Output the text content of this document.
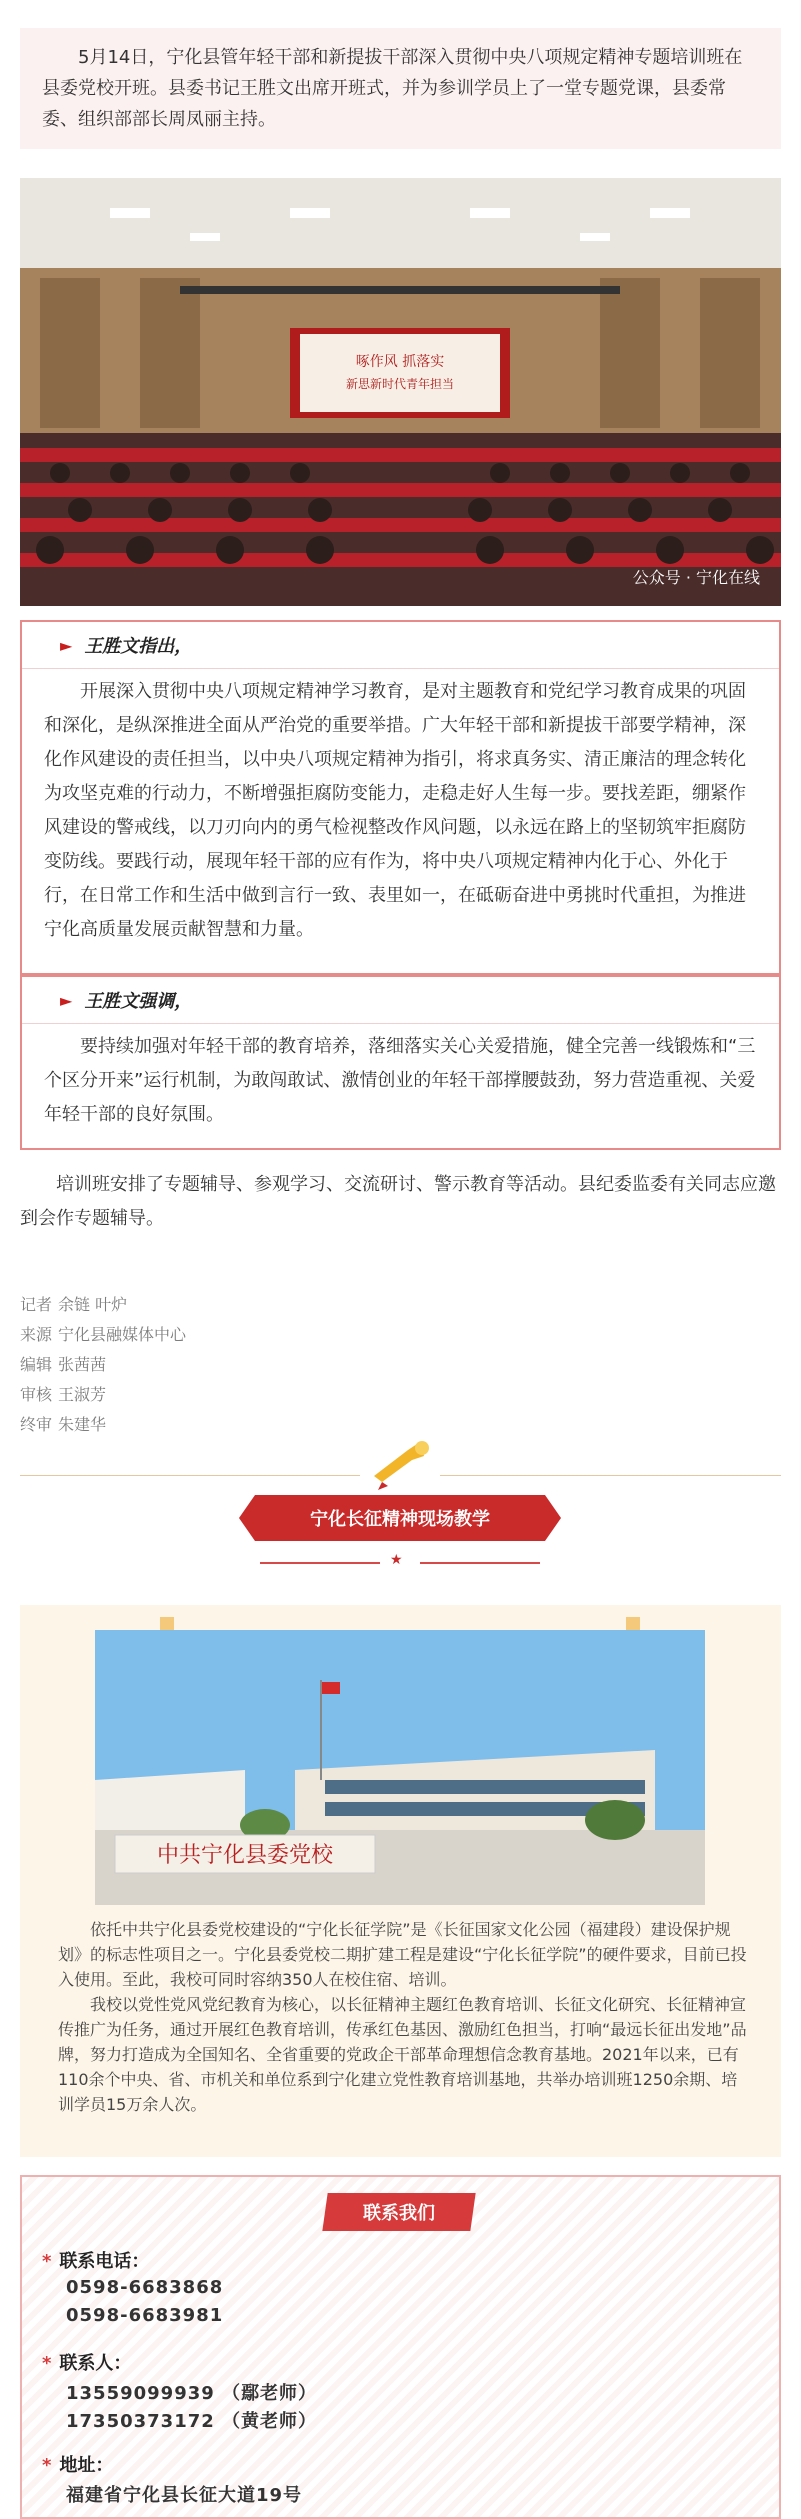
5月14日，宁化县管年轻干部和新提拔干部深入贯彻中央八项规定精神专题培训班在县委党校开班。县委书记王胜文出席开班式，并为参训学员上了一堂专题党课，县委常委、组织部部长周凤丽主持。
啄作风 抓落实
新思新时代青年担当
公众号 · 宁化在线
► 王胜文指出，
开展深入贯彻中央八项规定精神学习教育，是对主题教育和党纪学习教育成果的巩固和深化，是纵深推进全面从严治党的重要举措。广大年轻干部和新提拔干部要学精神，深化作风建设的责任担当，以中央八项规定精神为指引，将求真务实、清正廉洁的理念转化为攻坚克难的行动力，不断增强拒腐防变能力，走稳走好人生每一步。要找差距，绷紧作风建设的警戒线，以刀刃向内的勇气检视整改作风问题，以永远在路上的坚韧筑牢拒腐防变防线。要践行动，展现年轻干部的应有作为，将中央八项规定精神内化于心、外化于行，在日常工作和生活中做到言行一致、表里如一，在砥砺奋进中勇挑时代重担，为推进宁化高质量发展贡献智慧和力量。
► 王胜文强调，
要持续加强对年轻干部的教育培养，落细落实关心关爱措施，健全完善一线锻炼和“三个区分开来”运行机制，为敢闯敢试、激情创业的年轻干部撑腰鼓劲，努力营造重视、关爱年轻干部的良好氛围。
培训班安排了专题辅导、参观学习、交流研讨、警示教育等活动。县纪委监委有关同志应邀到会作专题辅导。
记者 余链 叶炉
来源 宁化县融媒体中心
编辑 张茜茜
审核 王淑芳
终审 朱建华
宁化长征精神现场教学
★
中共宁化县委党校

依托中共宁化县委党校建设的“宁化长征学院”是《长征国家文化公园（福建段）建设保护规划》的标志性项目之一。宁化县委党校二期扩建工程是建设“宁化长征学院”的硬件要求，目前已投入使用。至此，我校可同时容纳350人在校住宿、培训。

我校以党性党风党纪教育为核心，以长征精神主题红色教育培训、长征文化研究、长征精神宣传推广为任务，通过开展红色教育培训，传承红色基因、激励红色担当，打响“最远长征出发地”品牌，努力打造成为全国知名、全省重要的党政企干部革命理想信念教育基地。2021年以来，已有110余个中央、省、市机关和单位系到宁化建立党性教育培训基地，共举办培训班1250余期、培训学员15万余人次。

联系我们
* 联系电话：
0598-6683868
0598-6683981
* 联系人：
13559099939 （鄢老师）
17350373172 （黄老师）
* 地址：
福建省宁化县长征大道19号
